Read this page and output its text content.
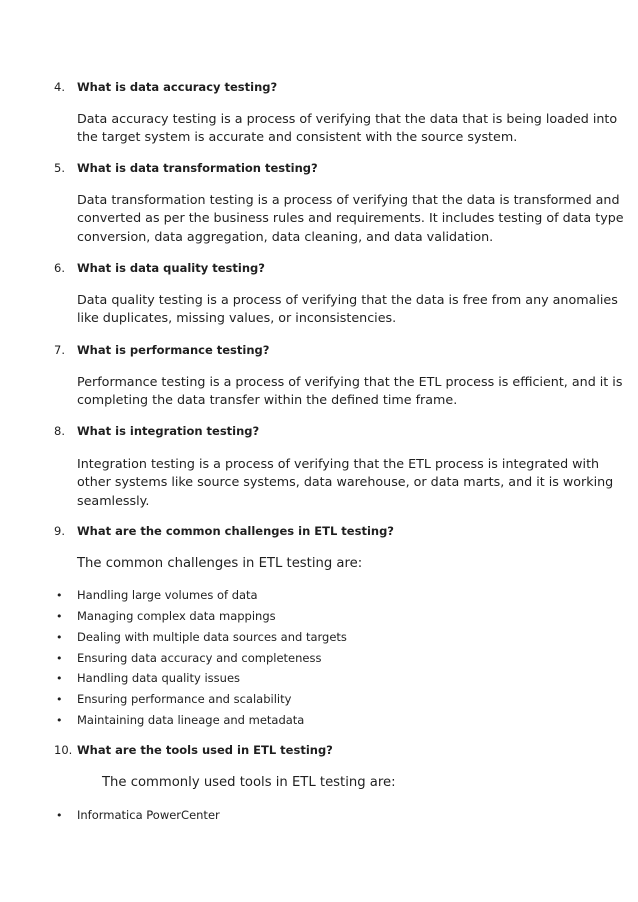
4. What is data accuracy testing?
Data accuracy testing is a process of verifying that the data that is being loaded into
the target system is accurate and consistent with the source system.
5. What is data transformation testing?
Data transformation testing is a process of verifying that the data is transformed and
converted as per the business rules and requirements. It includes testing of data type
conversion, data aggregation, data cleaning, and data validation.
6. What is data quality testing?
Data quality testing is a process of verifying that the data is free from any anomalies
like duplicates, missing values, or inconsistencies.
7. What is performance testing?
Performance testing is a process of verifying that the ETL process is efficient, and it is
completing the data transfer within the defined time frame.
8. What is integration testing?
Integration testing is a process of verifying that the ETL process is integrated with
other systems like source systems, data warehouse, or data marts, and it is working
seamlessly.
9. What are the common challenges in ETL testing?
The common challenges in ETL testing are:
• Handling large volumes of data
• Managing complex data mappings
• Dealing with multiple data sources and targets
• Ensuring data accuracy and completeness
• Handling data quality issues
• Ensuring performance and scalability
• Maintaining data lineage and metadata
10. What are the tools used in ETL testing?
The commonly used tools in ETL testing are:
• Informatica PowerCenter
